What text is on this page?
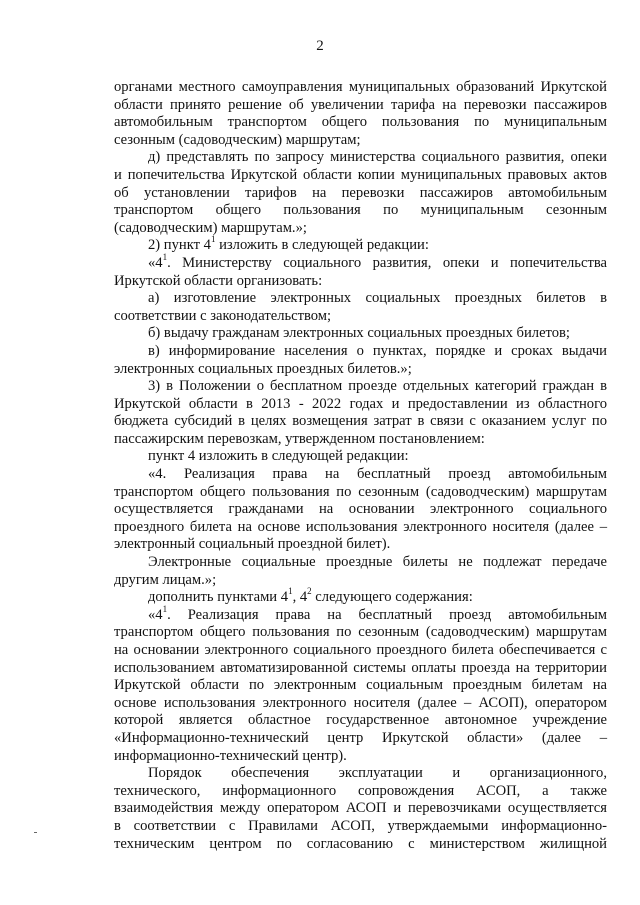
2
органами местного самоуправления муниципальных образований Иркутской
области принято решение об увеличении тарифа на перевозки пассажиров
автомобильным транспортом общего пользования по муниципальным
сезонным (садоводческим) маршрутам;
д) представлять по запросу министерства социального развития, опеки
и попечительства Иркутской области копии муниципальных правовых актов
об установлении тарифов на перевозки пассажиров автомобильным
транспортом общего пользования по муниципальным сезонным
(садоводческим) маршрутам.»;
2) пункт $4^1$ изложить в следующей редакции:
«$4^1$. Министерству социального развития, опеки и попечительства
Иркутской области организовать:
а) изготовление электронных социальных проездных билетов в
соответствии с законодательством;
б) выдачу гражданам электронных социальных проездных билетов;
в) информирование населения о пунктах, порядке и сроках выдачи
электронных социальных проездных билетов.»;
3) в Положении о бесплатном проезде отдельных категорий граждан в
Иркутской области в 2013 - 2022 годах и предоставлении из областного
бюджета субсидий в целях возмещения затрат в связи с оказанием услуг по
пассажирским перевозкам, утвержденном постановлением:
пункт 4 изложить в следующей редакции:
«4. Реализация права на бесплатный проезд автомобильным
транспортом общего пользования по сезонным (садоводческим) маршрутам
осуществляется гражданами на основании электронного социального
проездного билета на основе использования электронного носителя (далее –
электронный социальный проездной билет).
Электронные социальные проездные билеты не подлежат передаче
другим лицам.»;
дополнить пунктами $4^1$, $4^2$ следующего содержания:
«$4^1$. Реализация права на бесплатный проезд автомобильным
транспортом общего пользования по сезонным (садоводческим) маршрутам
на основании электронного социального проездного билета обеспечивается с
использованием автоматизированной системы оплаты проезда на территории
Иркутской области по электронным социальным проездным билетам на
основе использования электронного носителя (далее – АСОП), оператором
которой является областное государственное автономное учреждение
«Информационно-технический центр Иркутской области» (далее –
информационно-технический центр).
Порядок обеспечения эксплуатации и организационного,
технического, информационного сопровождения АСОП, а также
взаимодействия между оператором АСОП и перевозчиками осуществляется
в соответствии с Правилами АСОП, утверждаемыми информационно-
техническим центром по согласованию с министерством жилищной
